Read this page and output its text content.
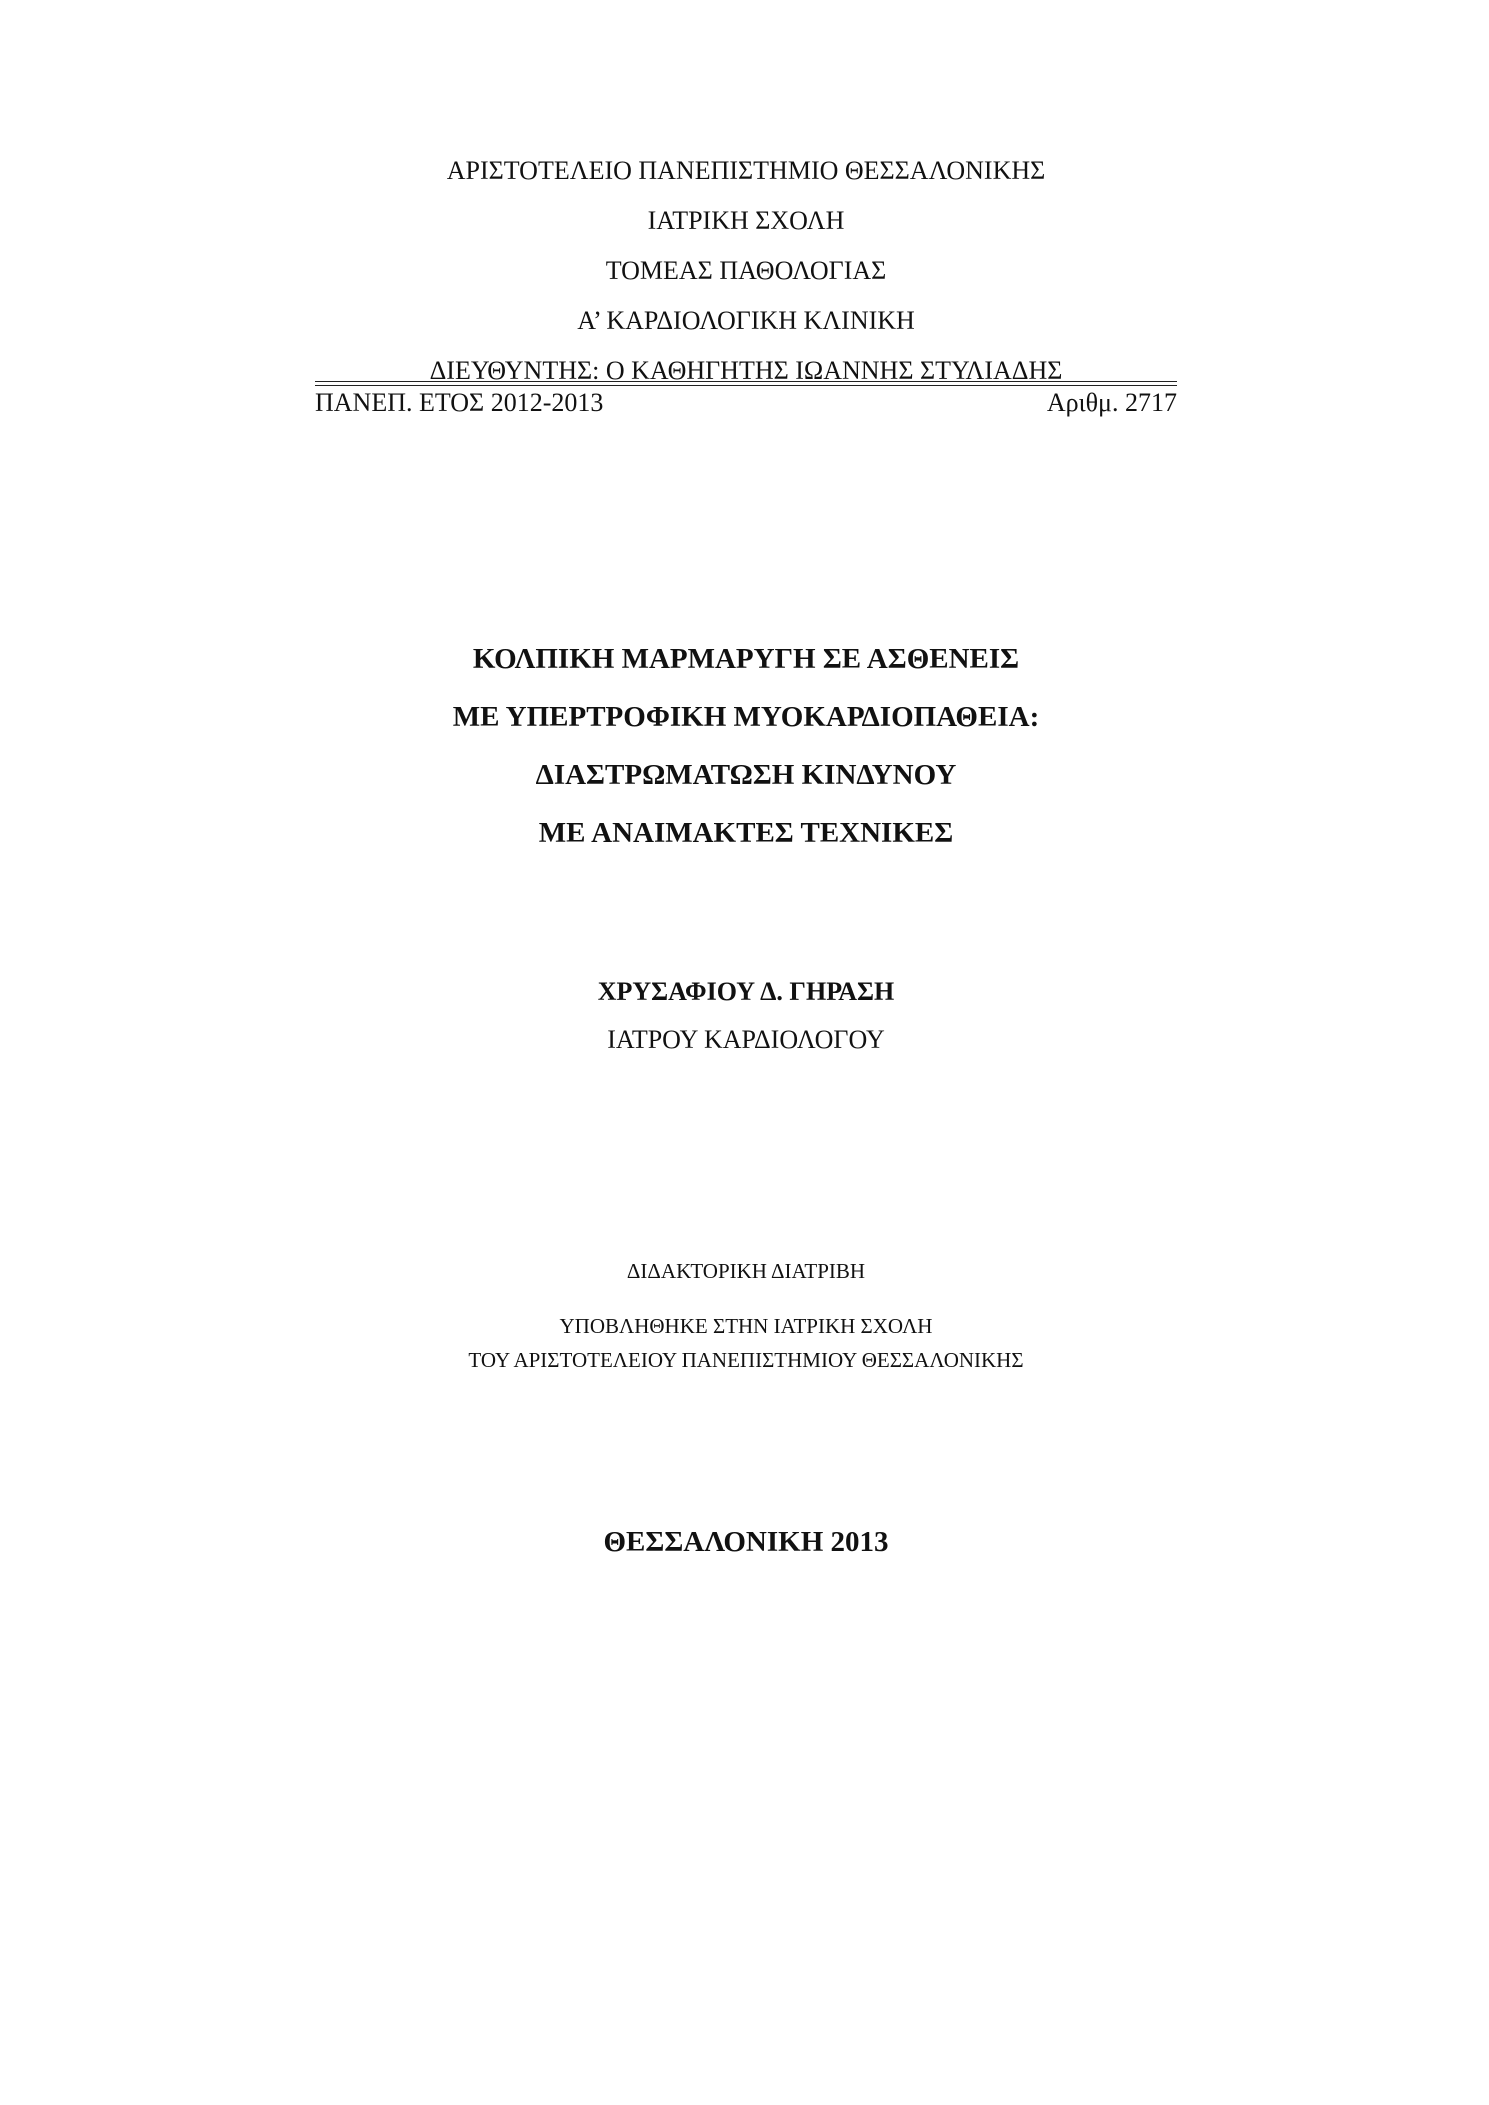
ΑΡΙΣΤΟΤΕΛΕΙΟ ΠΑΝΕΠΙΣΤΗΜΙΟ ΘΕΣΣΑΛΟΝΙΚΗΣ
ΙΑΤΡΙΚΗ ΣΧΟΛΗ
ΤΟΜΕΑΣ ΠΑΘΟΛΟΓΙΑΣ
Α’ ΚΑΡΔΙΟΛΟΓΙΚΗ ΚΛΙΝΙΚΗ
ΔΙΕΥΘΥΝΤΗΣ: Ο ΚΑΘΗΓΗΤΗΣ ΙΩΑΝΝΗΣ ΣΤΥΛΙΑΔΗΣ
ΠΑΝΕΠ. ΕΤΟΣ 2012-2013	Αριθμ. 2717
ΚΟΛΠΙΚΗ ΜΑΡΜΑΡΥΓΗ ΣΕ ΑΣΘΕΝΕΙΣ
ΜΕ ΥΠΕΡΤΡΟΦΙΚΗ ΜΥΟΚΑΡΔΙΟΠΑΘΕΙΑ:
ΔΙΑΣΤΡΩΜΑΤΩΣΗ ΚΙΝΔΥΝΟΥ
ΜΕ ΑΝΑΙΜΑΚΤΕΣ ΤΕΧΝΙΚΕΣ
ΧΡΥΣΑΦΙΟΥ Δ. ΓΗΡΑΣΗ
ΙΑΤΡΟΥ ΚΑΡΔΙΟΛΟΓΟΥ
ΔΙΔΑΚΤΟΡΙΚΗ ΔΙΑΤΡΙΒΗ
ΥΠΟΒΛΗΘΗΚΕ ΣΤΗΝ ΙΑΤΡΙΚΗ ΣΧΟΛΗ
ΤΟΥ ΑΡΙΣΤΟΤΕΛΕΙΟΥ ΠΑΝΕΠΙΣΤΗΜΙΟΥ ΘΕΣΣΑΛΟΝΙΚΗΣ
ΘΕΣΣΑΛΟΝΙΚΗ 2013
